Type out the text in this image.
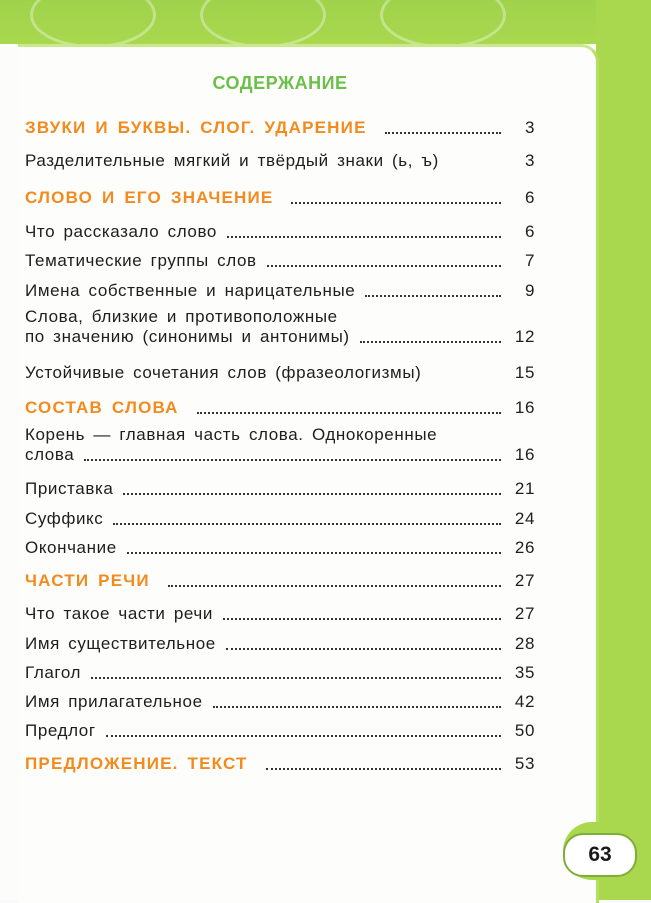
63
СОДЕРЖАНИЕ
ЗВУКИ И БУКВЫ. СЛОГ. УДАРЕНИЕ	3
Разделительные мягкий и твёрдый знаки (ь, ъ)	3
СЛОВО И ЕГО ЗНАЧЕНИЕ	6
Что рассказало слово	6
Тематические группы слов	7
Имена собственные и нарицательные	9
Слова, близкие и противоположные
по значению (синонимы и антонимы)	12
Устойчивые сочетания слов (фразеологизмы)	15
СОСТАВ СЛОВА	16
Корень — главная часть слова. Однокоренные
слова	16
Приставка	21
Суффикс	24
Окончание	26
ЧАСТИ РЕЧИ	27
Что такое части речи	27
Имя существительное	28
Глагол	35
Имя прилагательное	42
Предлог	50
ПРЕДЛОЖЕНИЕ. ТЕКСТ	53
